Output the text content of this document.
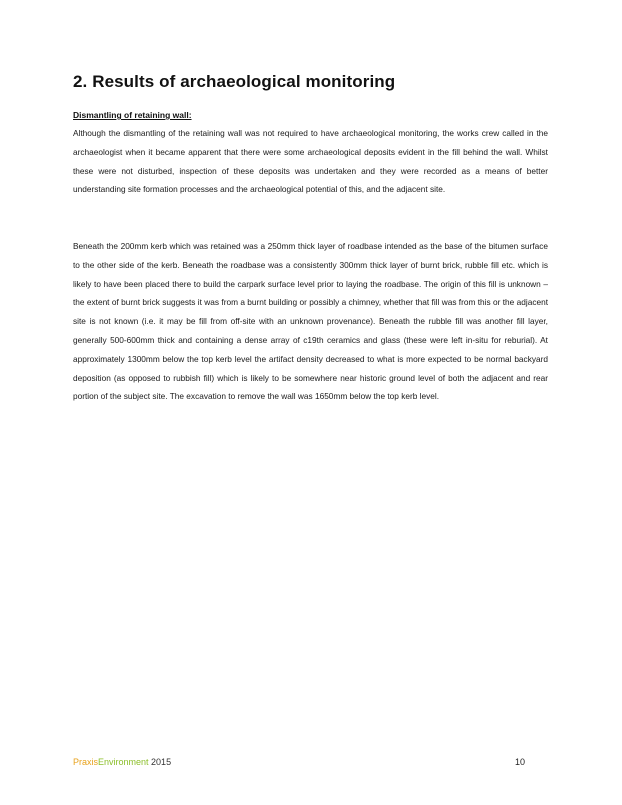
2. Results of archaeological monitoring

Dismantling of retaining wall:

Although the dismantling of the retaining wall was not required to have archaeological monitoring, the works crew called in the archaeologist when it became apparent that there were some archaeological deposits evident in the fill behind the wall. Whilst these were not disturbed, inspection of these deposits was undertaken and they were recorded as a means of better understanding site formation processes and the archaeological potential of this, and the adjacent site.

Beneath the 200mm kerb which was retained was a 250mm thick layer of roadbase intended as the base of the bitumen surface to the other side of the kerb. Beneath the roadbase was a consistently 300mm thick layer of burnt brick, rubble fill etc. which is likely to have been placed there to build the carpark surface level prior to laying the roadbase. The origin of this fill is unknown – the extent of burnt brick suggests it was from a burnt building or possibly a chimney, whether that fill was from this or the adjacent site is not known (i.e. it may be fill from off-site with an unknown provenance). Beneath the rubble fill was another fill layer, generally 500-600mm thick and containing a dense array of c19th ceramics and glass (these were left in-situ for reburial). At approximately 1300mm below the top kerb level the artifact density decreased to what is more expected to be normal backyard deposition (as opposed to rubbish fill) which is likely to be somewhere near historic ground level of both the adjacent and rear portion of the subject site. The excavation to remove the wall was 1650mm below the top kerb level.

PraxisEnvironment 2015	10
